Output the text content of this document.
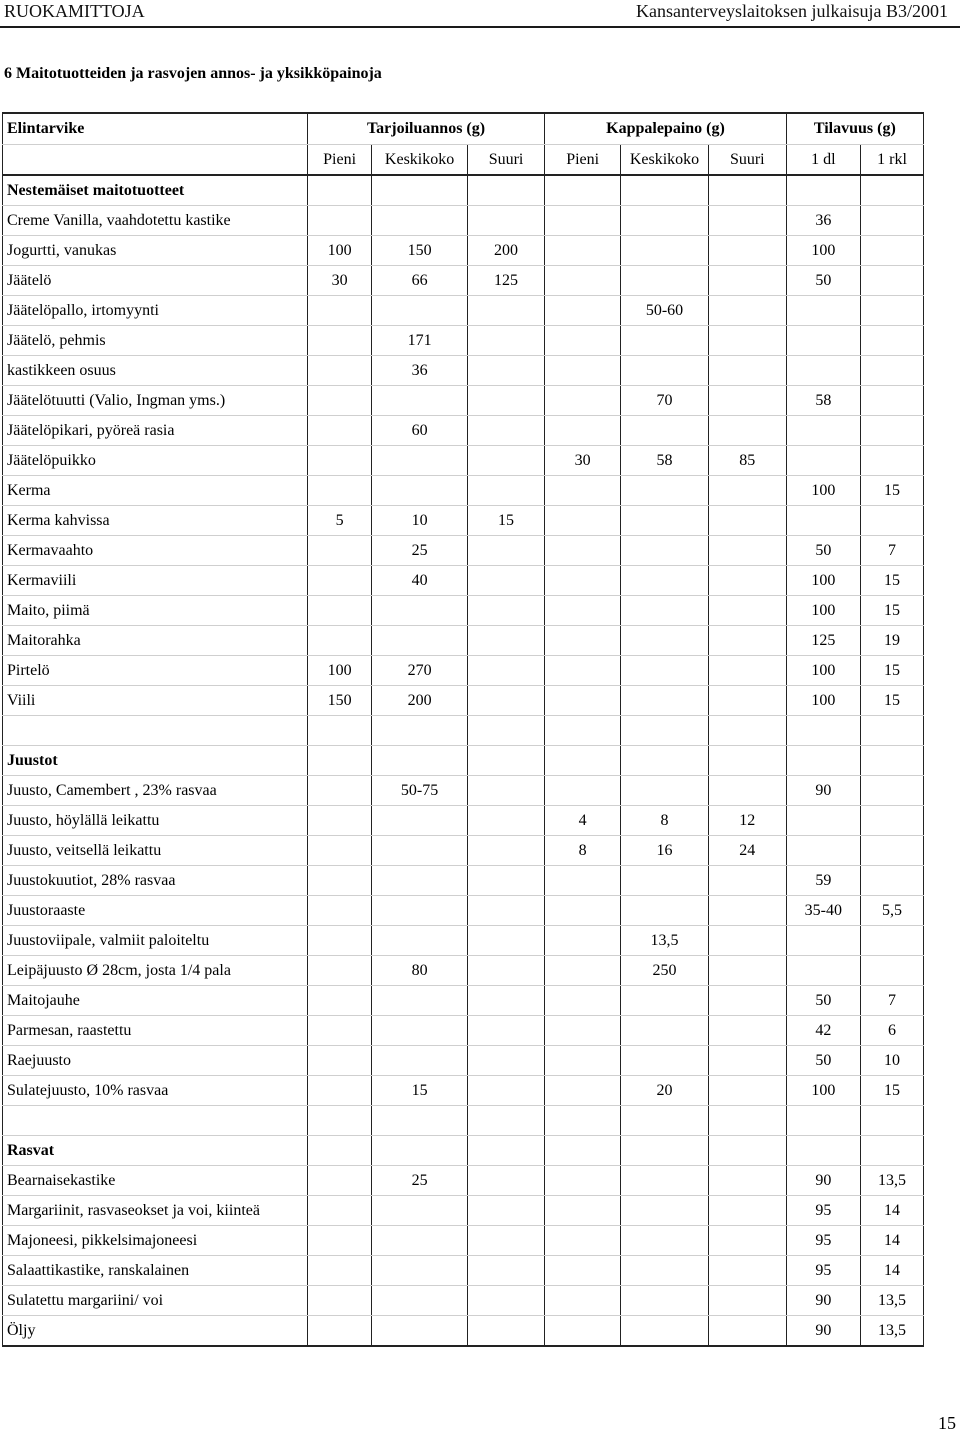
RUOKAMITTOJA	Kansanterveyslaitoksen julkaisuja B3/2001
6 Maitotuotteiden ja rasvojen annos- ja yksikköpainoja
Elintarvike	Tarjoiluannos (g)			Kappalepaino (g)			Tilavuus (g)	
	Pieni	Keskikoko	Suuri	Pieni	Keskikoko	Suuri	1 dl	1 rkl
Nestemäiset maitotuotteet								
Creme Vanilla, vaahdotettu kastike							36	
Jogurtti, vanukas	100	150	200				100	
Jäätelö	30	66	125				50	
Jäätelöpallo, irtomyynti					50-60			
Jäätelö, pehmis		171						
kastikkeen osuus		36						
Jäätelötuutti (Valio, Ingman yms.)					70		58	
Jäätelöpikari, pyöreä rasia		60						
Jäätelöpuikko				30	58	85		
Kerma							100	15
Kerma kahvissa	5	10	15					
Kermavaahto		25					50	7
Kermaviili		40					100	15
Maito, piimä							100	15
Maitorahka							125	19
Pirtelö	100	270					100	15
Viili	150	200					100	15

Juustot								
Juusto, Camembert , 23% rasvaa		50-75					90	
Juusto, höylällä leikattu				4	8	12		
Juusto, veitsellä leikattu				8	16	24		
Juustokuutiot, 28% rasvaa							59	
Juustoraaste							35-40	5,5
Juustoviipale, valmiit paloiteltu					13,5			
Leipäjuusto Ø 28cm, josta 1/4 pala		80			250			
Maitojauhe							50	7
Parmesan, raastettu							42	6
Raejuusto							50	10
Sulatejuusto, 10% rasvaa		15			20		100	15

Rasvat								
Bearnaisekastike		25					90	13,5
Margariinit, rasvaseokset ja voi, kiinteä							95	14
Majoneesi, pikkelsimajoneesi							95	14
Salaattikastike, ranskalainen							95	14
Sulatettu margariini/ voi							90	13,5
Öljy							90	13,5
15
